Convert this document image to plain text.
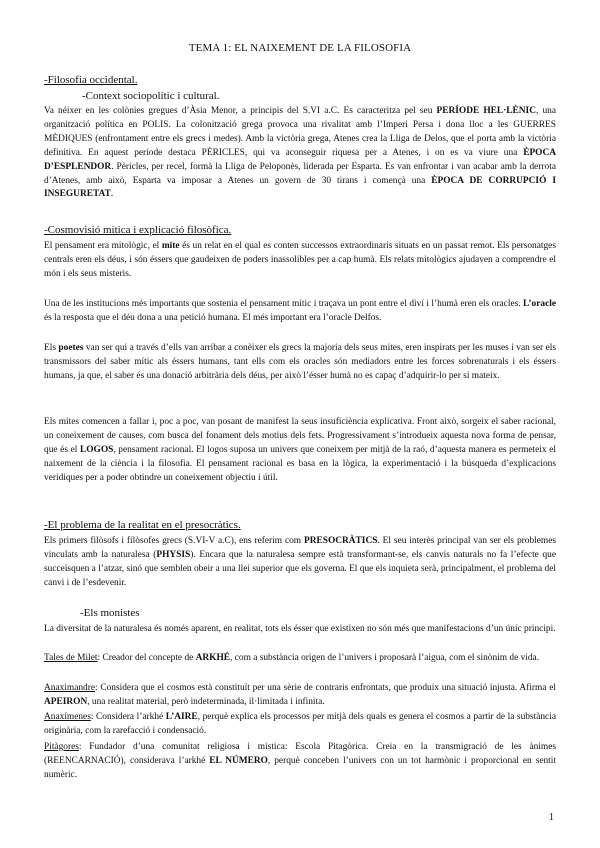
TEMA 1: EL NAIXEMENT DE LA FILOSOFIA
-Filosofia occidental.
-Context sociopolític i cultural.

Va néixer en les colònies gregues d’Àsia Menor, a principis del S.VI a.C. Es caracteritza pel seu PERÍODE HEL·LÈNIC, una organització política en POLIS. La colonització grega provoca una rivalitat amb l’Imperi Persa i dona lloc a les GUERRES MÈDIQUES (enfrontament entre els grecs i medes). Amb la victòria grega, Atenes crea la Lliga de Delos, que el porta amb la victòria definitiva. En aquest període destaca PÈRICLES, qui va aconseguir riquesa per a Atenes, i on es va viure una ÈPOCA D’ESPLENDOR. Pèricles, per recel, formà la Lliga de Peloponès, liderada per Esparta. Es van enfrontar i van acabar amb la derrota d’Atenes, amb això, Esparta va imposar a Atenes un govern de 30 tirans i començà una ÈPOCA DE CORRUPCIÓ I INSEGURETAT.

-Cosmovisió mítica i explicació filosòfica.

El pensament era mitològic, el mite és un relat en el qual es conten successos extraordinaris situats en un passat remot. Els personatges centrals eren els déus, i són éssers que gaudeixen de poders inassolibles per a cap humà. Els relats mitològics ajudaven a comprendre el món i els seus misteris.

Una de les institucions més importants que sostenia el pensament mític i traçava un pont entre el diví i l’humà eren els oracles. L’oracle és la resposta que el déu dona a una petició humana. El més important era l’oracle Delfos.

Els poetes van ser qui a través d’ells van arribar a conèixer els grecs la majoria dels seus mites, eren inspirats per les muses i van ser els transmissors del saber mític als éssers humans, tant ells com els oracles són mediadors entre les forces sobrenaturals i els éssers humans, ja que, el saber és una donació arbitrària dels déus, per això l’ésser humà no es capaç d’adquirir-lo per si mateix.

Els mites comencen a fallar i, poc a poc, van posant de manifest la seus insuficiència explicativa. Front això, sorgeix el saber racional, un coneixement de causes, com busca del fonament dels motius dels fets. Progressivament s’introdueix aquesta nova forma de pensar, que és el LOGOS, pensament racional. El logos suposa un univers que coneixem per mitjà de la raó, d’aquesta manera es permeteix el naixement de la ciència i la filosofia. El pensament racional es basa en la lògica, la experimentació i la búsqueda d’explicacions verídiques per a poder obtindre un coneixement objectiu i útil.

-El problema de la realitat en el presocràtics.

Els primers filòsofs i filòsofes grecs (S.VI-V a.C), ens referim com PRESOCRÀTICS. El seu interès principal van ser els problemes vinculats amb la naturalesa (PHYSIS). Encara que la naturalesa sempre està transformant-se, els canvis naturals no fa l’efecte que succeïsquen a l’atzar, sinó que semblen obeir a una llei superior que els governa. El que els inquieta serà, principalment, el problema del canvi i de l’esdevenir.

-Els monistes

La diversitat de la naturalesa és només aparent, en realitat, tots els ésser que existixen no són més que manifestacions d’un únic principi.

Tales de Milet: Creador del concepte de ARKHÉ, com a substància origen de l’univers i proposarà l’aigua, com el sinònim de vida.

Anaximandre: Considera que el cosmos està constituït per una sèrie de contraris enfrontats, que produix una situació injusta. Afirma el APEIRON, una realitat material, però indeterminada, il·limitada i infinita.

Anaxímenes: Considera l’arkhé L’AIRE, perquè explica els processos per mitjà dels quals es genera el cosmos a partir de la substància originària, com la rarefacció i condensació.

Pitàgores: Fundador d’una comunitat religiosa i mística: Escola Pitagòrica. Creia en la transmigració de les ànimes (REENCARNACIÓ), considerava l’arkhé EL NÚMERO, perquè conceben l’univers con un tot harmònic i proporcional en sentit numèric.

1
